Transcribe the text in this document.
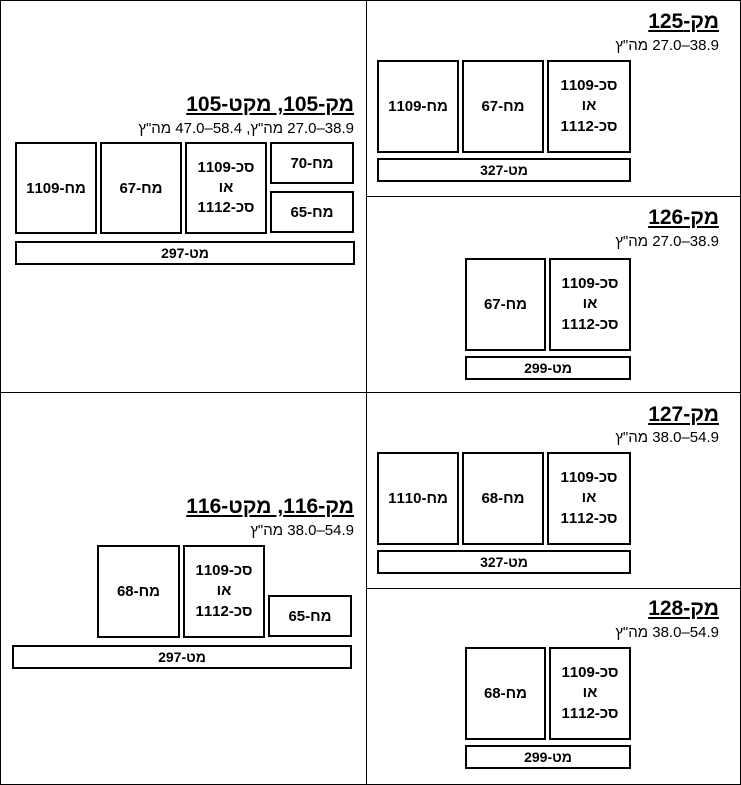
מק-125
38.9–27.0 מה"ץ
סכ-1109
או
סכ-1112
מח-67
מח-1109
מט-327
מק-126
38.9–27.0 מה"ץ
סכ-1109
או
סכ-1112
מח-67
מט-299
מק-105, מקט-105
38.9–27.0 מה"ץ, 58.4–47.0 מה"ץ
מח-70
מח-65
סכ-1109
או
סכ-1112
מח-67
מח-1109
מט-297
מק-127
54.9–38.0 מה"ץ
סכ-1109
או
סכ-1112
מח-68
מח-1110
מט-327
מק-128
54.9–38.0 מה"ץ
סכ-1109
או
סכ-1112
מח-68
מט-299
מק-116, מקט-116
54.9–38.0 מה"ץ
מח-65
סכ-1109
או
סכ-1112
מח-68
מט-297
